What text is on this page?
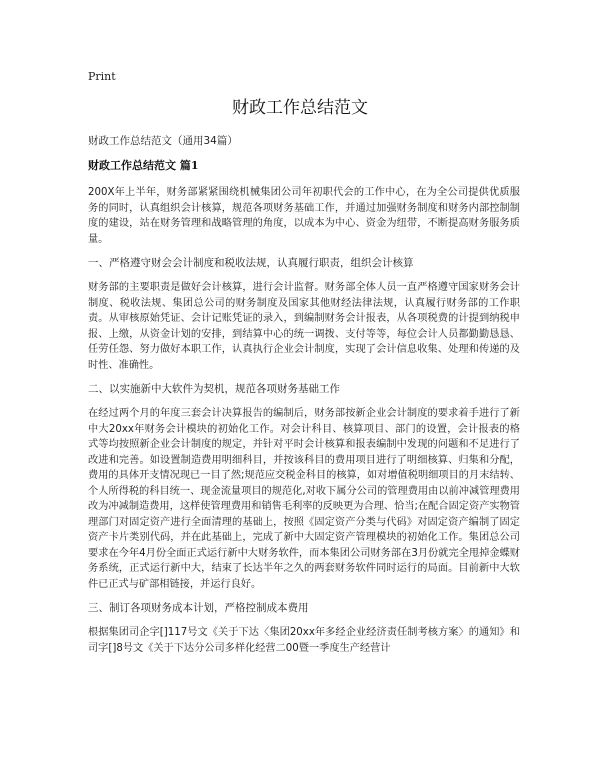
Print
财政工作总结范文

财政工作总结范文（通用34篇）

财政工作总结范文 篇1

200X年上半年，财务部紧紧围绕机械集团公司年初职代会的工作中心，在为全公司提供优质服务的同时，认真组织会计核算，规范各项财务基础工作，并通过加强财务制度和财务内部控制制度的建设，站在财务管理和战略管理的角度，以成本为中心、资金为纽带，不断提高财务服务质量。

一、严格遵守财会会计制度和税收法规，认真履行职责，组织会计核算

财务部的主要职责是做好会计核算，进行会计监督。财务部全体人员一直严格遵守国家财务会计制度、税收法规、集团总公司的财务制度及国家其他财经法律法规，认真履行财务部的工作职责。从审核原始凭证、会计记账凭证的录入，到编制财务会计报表，从各项税费的计提到纳税申报、上缴，从资金计划的安排，到结算中心的统一调拨、支付等等，每位会计人员都勤勤恳恳、任劳任怨、努力做好本职工作，认真执行企业会计制度，实现了会计信息收集、处理和传递的及时性、准确性。

二、以实施新中大软件为契机，规范各项财务基础工作

在经过两个月的年度三套会计决算报告的编制后，财务部按新企业会计制度的要求着手进行了新中大20xx年财务会计模块的初始化工作。对会计科目、核算项目、部门的设置，会计报表的格式等均按照新企业会计制度的规定，并针对平时会计核算和报表编制中发现的问题和不足进行了改进和完善。如设置制造费用明细科目，并按该科目的费用项目进行了明细核算、归集和分配，费用的具体开支情况现已一目了然;规范应交税金科目的核算，如对增值税明细项目的月末结转、个人所得税的科目统一、现金流量项目的规范化,对收下属分公司的管理费用由以前冲减管理费用改为冲减制造费用，这样使管理费用和销售毛利率的反映更为合理、恰当;在配合固定资产实物管理部门对固定资产进行全面清理的基础上，按照《固定资产分类与代码》对固定资产编制了固定资产卡片类别代码，并在此基础上，完成了新中大固定资产管理模块的初始化工作。集团总公司要求在今年4月份全面正式运行新中大财务软件，而本集团公司财务部在3月份就完全甩掉金蝶财务系统，正式运行新中大，结束了长达半年之久的两套财务软件同时运行的局面。目前新中大软件已正式与矿部相链接，并运行良好。

三、制订各项财务成本计划，严格控制成本费用

根据集团司企字[]117号文《关于下达〈集团20xx年多经企业经济责任制考核方案〉的通知》和司字[]8号文《关于下达分公司多样化经营二00暨一季度生产经营计
